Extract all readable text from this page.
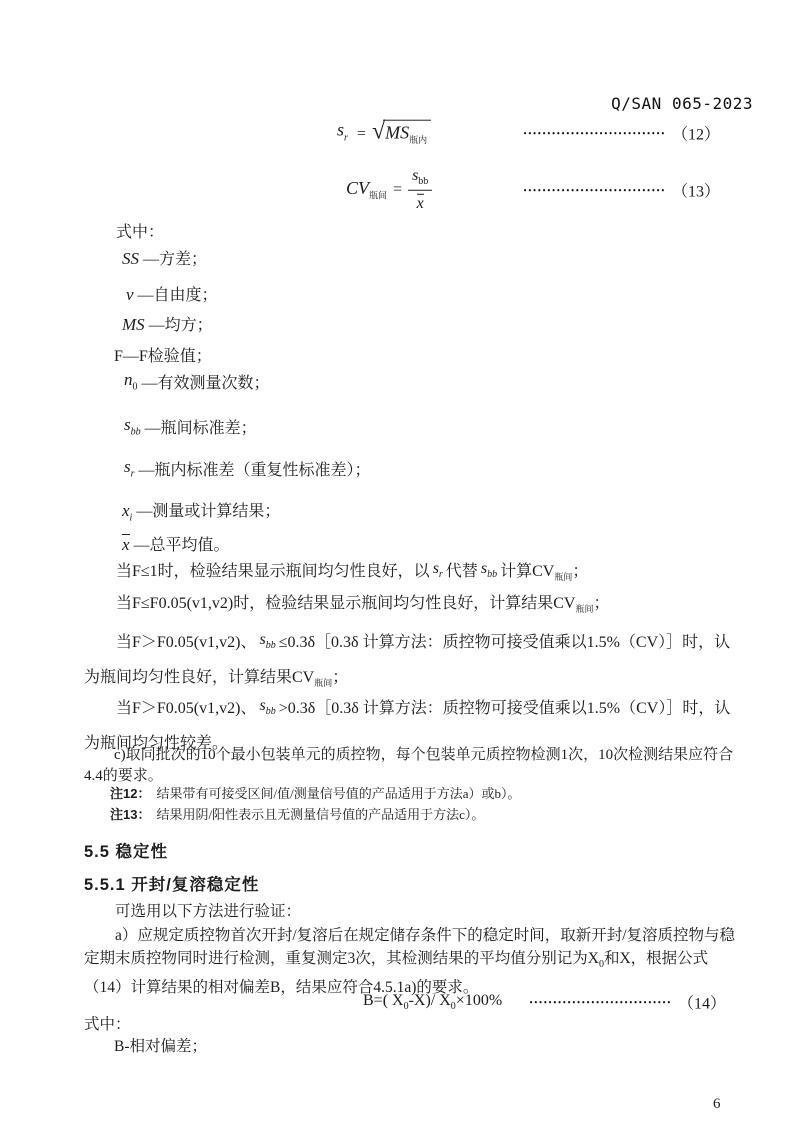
Q/SAN 065-2023
$s_r$ = √ $MS_{瓶内}$
•••••••••••••••••••••••••••••• （12）
$CV_{瓶间} = \frac{s_{bb}}{x}$	•••••••••••••••••••••••••••••• （13）
式中：
SS —方差；
v —自由度；
MS —均方；
F—F检验值；
$n_0$ —有效测量次数；
$s_{bb}$ —瓶间标准差；
$s_r$ —瓶内标准差（重复性标准差）；
$x_i$ —测量或计算结果；
x —总平均值。
当F≤1时，检验结果显示瓶间均匀性良好，以 $s_r$ 代替 $s_{bb}$ 计算$CV_{瓶间}$；
当F≤F0.05(v1,v2)时，检验结果显示瓶间均匀性良好，计算结果$CV_{瓶间}$；
当F＞F0.05(v1,v2)、 $s_{bb}$ ≤0.3δ［0.3δ 计算方法：质控物可接受值乘以1.5%（CV）］时，认为瓶间均匀性良好，计算结果$CV_{瓶间}$；
当F＞F0.05(v1,v2)、 $s_{bb}$ >0.3δ［0.3δ 计算方法：质控物可接受值乘以1.5%（CV）］时，认为瓶间均匀性较差。
c)取同批次的10个最小包装单元的质控物，每个包装单元质控物检测1次，10次检测结果应符合4.4的要求。
注12： 结果带有可接受区间/值/测量信号值的产品适用于方法a）或b）。
注13： 结果用阴/阳性表示且无测量信号值的产品适用于方法c）。
5.5 稳定性
5.5.1 开封/复溶稳定性
可选用以下方法进行验证：
a）应规定质控物首次开封/复溶后在规定储存条件下的稳定时间，取新开封/复溶质控物与稳定期末质控物同时进行检测，重复测定3次，其检测结果的平均值分别记为$X_0$和X，根据公式（14）计算结果的相对偏差B，结果应符合4.5.1a)的要求。
B=( $X_0-X)/$ $X_0\times 100\%$	•••••••••••••••••••••••••••••• （14）
式中：
B-相对偏差；
6
